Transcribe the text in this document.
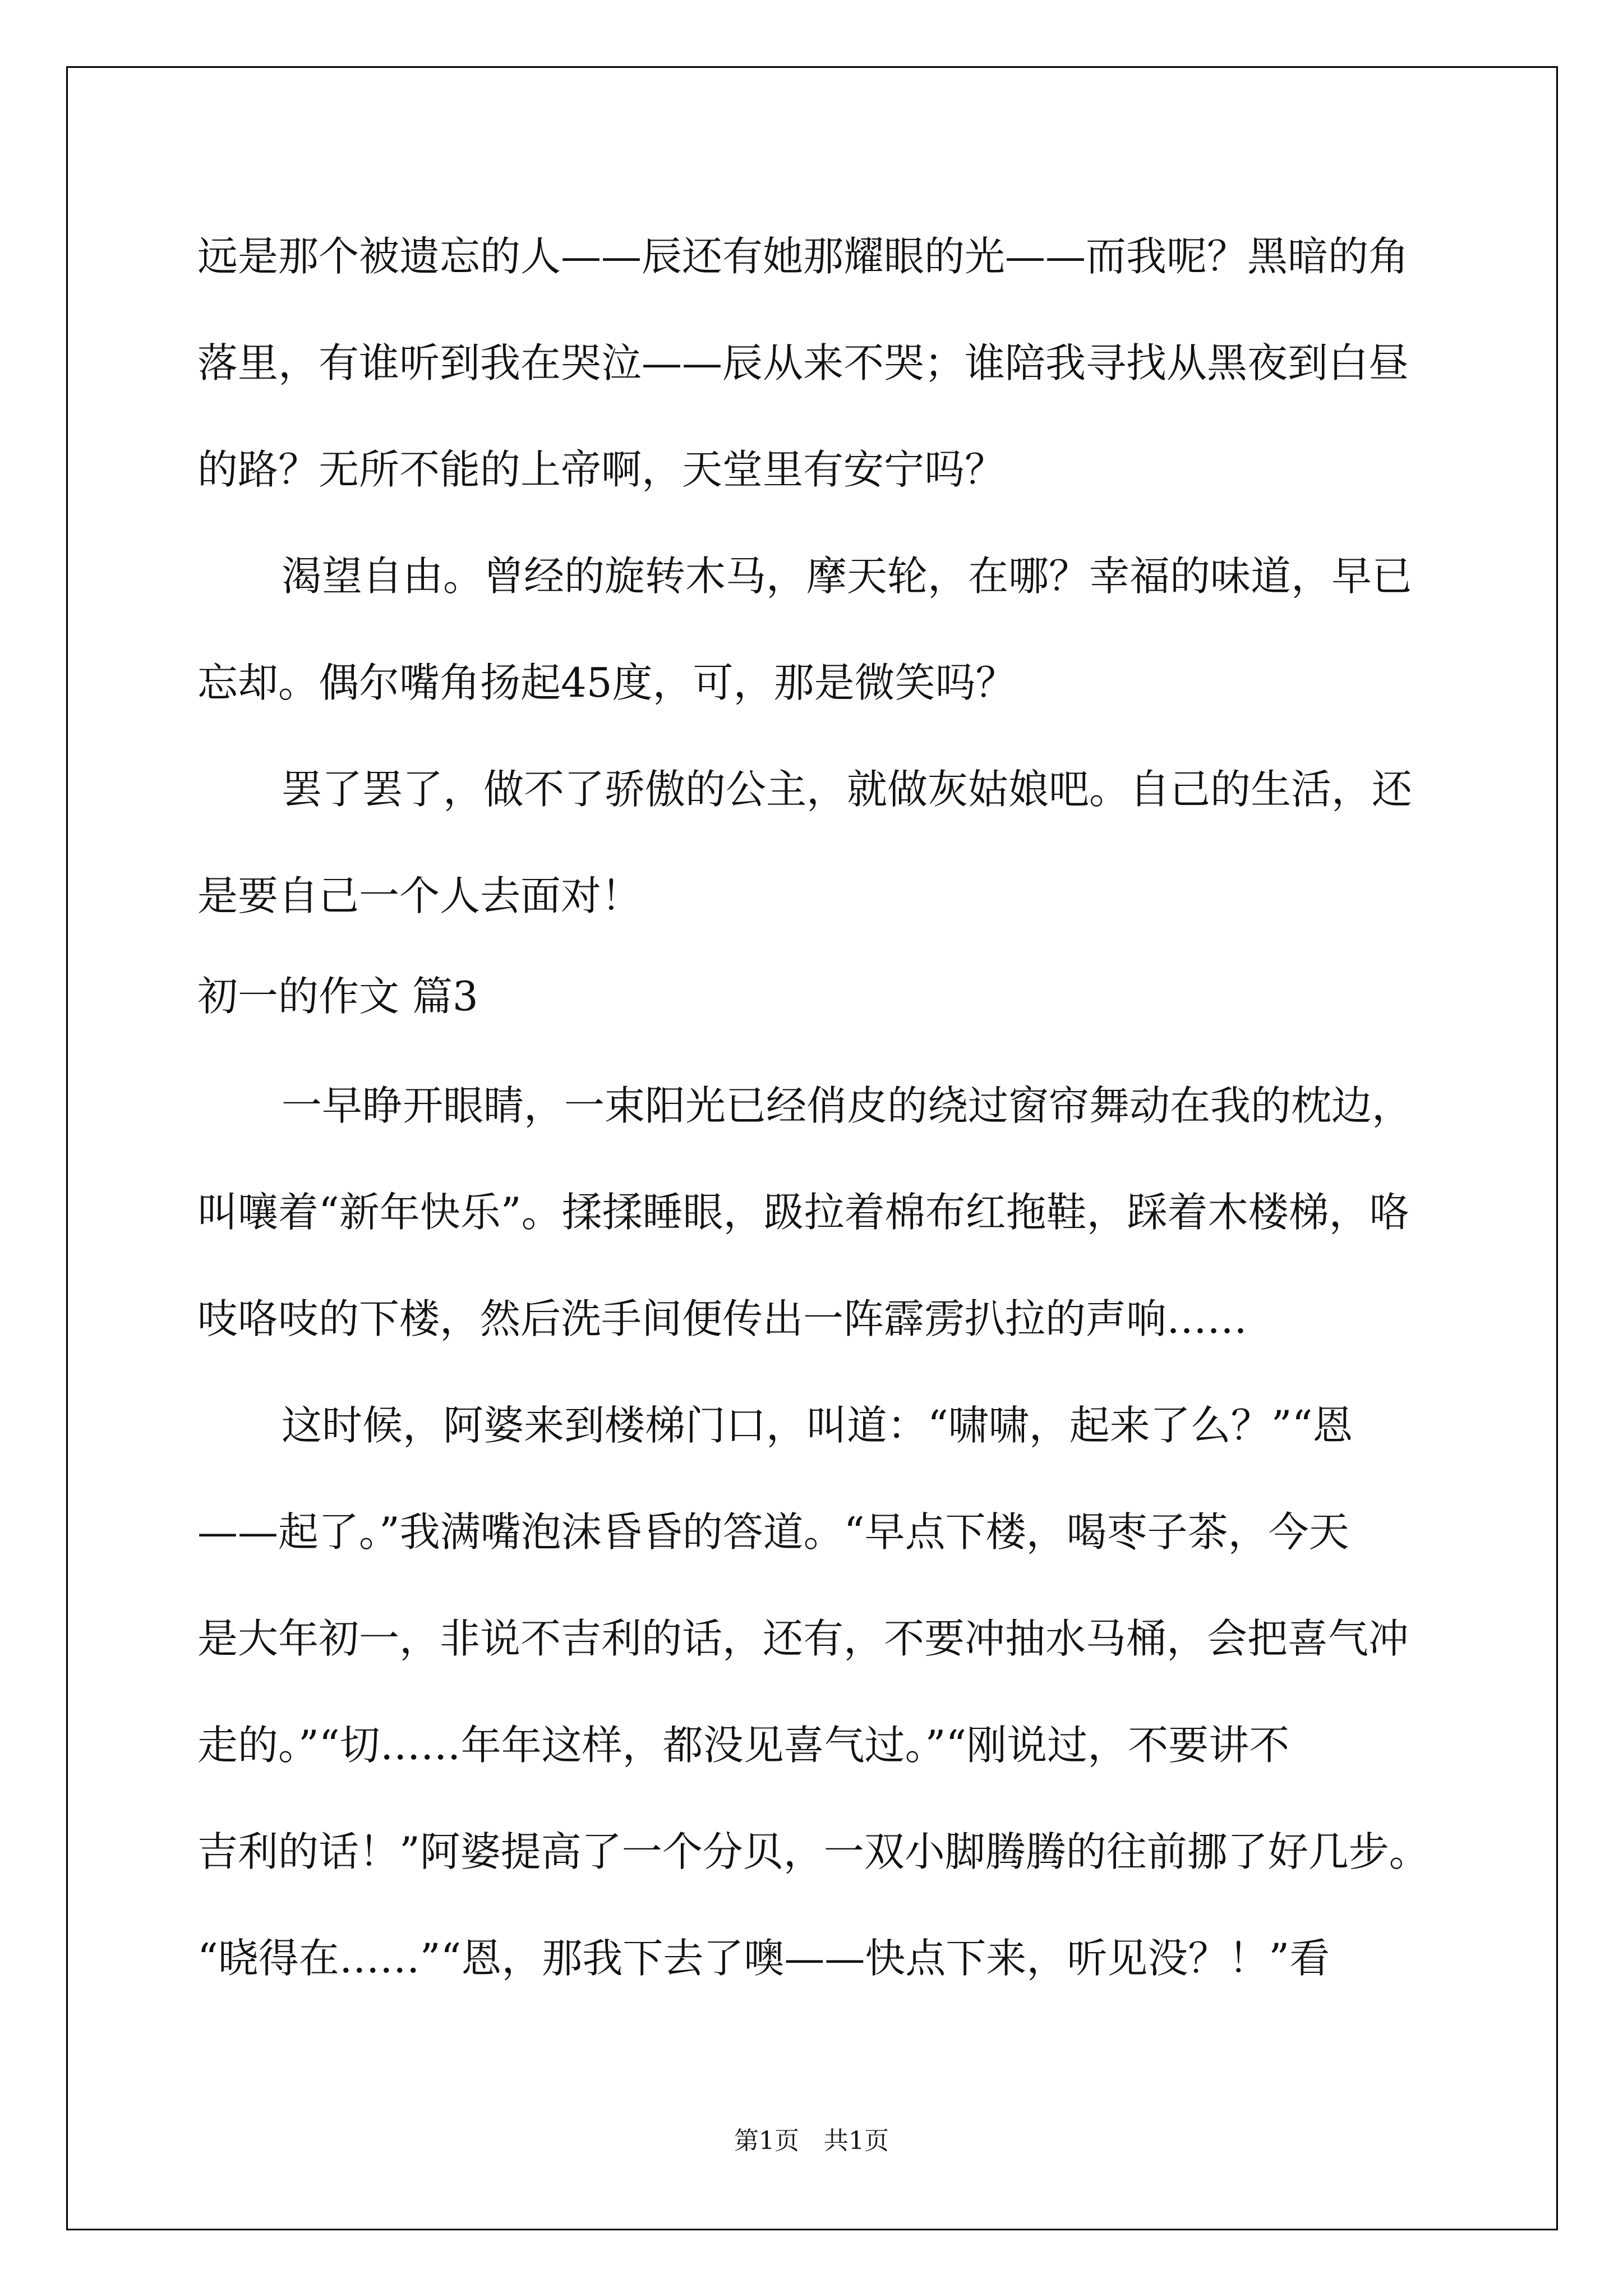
远是那个被遗忘的人——辰还有她那耀眼的光——而我呢？黑暗的角
落里，有谁听到我在哭泣——辰从来不哭；谁陪我寻找从黑夜到白昼
的路？无所不能的上帝啊，天堂里有安宁吗？

渴望自由。曾经的旋转木马，摩天轮，在哪？幸福的味道，早已
忘却。偶尔嘴角扬起45度，可，那是微笑吗？

罢了罢了，做不了骄傲的公主，就做灰姑娘吧。自己的生活，还
是要自己一个人去面对！

初一的作文 篇3

一早睁开眼睛，一束阳光已经俏皮的绕过窗帘舞动在我的枕边，
叫嚷着“新年快乐”。揉揉睡眼，趿拉着棉布红拖鞋，踩着木楼梯，咯
吱咯吱的下楼，然后洗手间便传出一阵霹雳扒拉的声响……

这时候，阿婆来到楼梯门口，叫道：“啸啸，起来了么？”“恩
——起了。”我满嘴泡沫昏昏的答道。“早点下楼，喝枣子茶，今天
是大年初一，非说不吉利的话，还有，不要冲抽水马桶，会把喜气冲
走的。”“切……年年这样，都没见喜气过。”“刚说过，不要讲不
吉利的话！”阿婆提高了一个分贝，一双小脚腾腾的往前挪了好几步。
“晓得在……”“恩，那我下去了噢——快点下来，听见没？！”看

第1页　共1页
